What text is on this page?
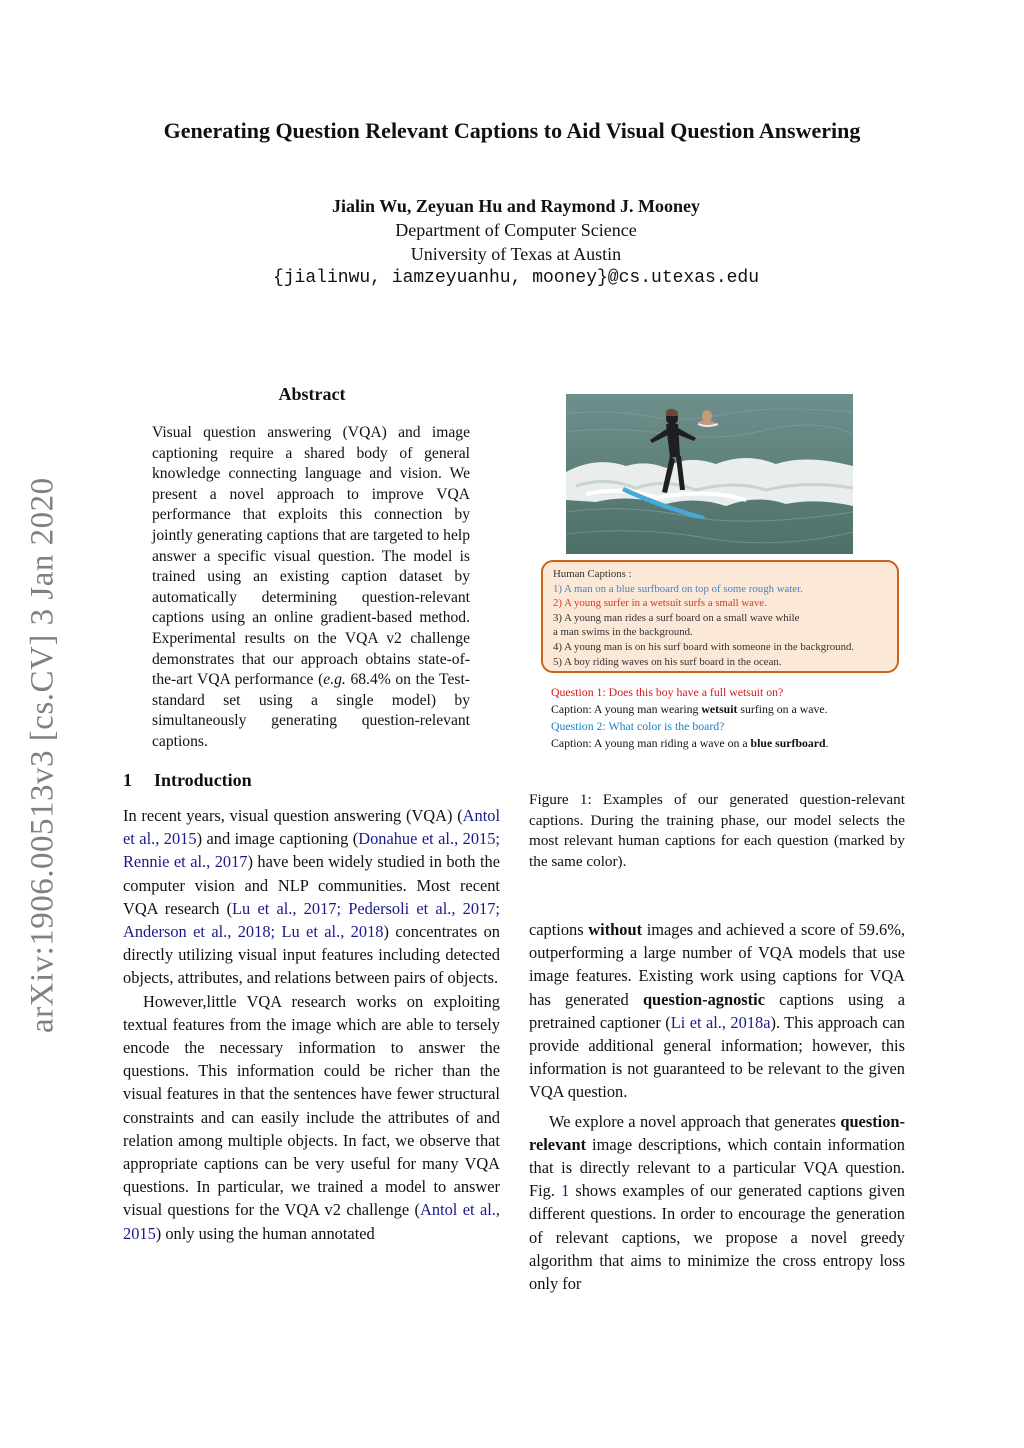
arXiv:1906.00513v3 [cs.CV] 3 Jan 2020
Generating Question Relevant Captions to Aid Visual Question Answering
Jialin Wu, Zeyuan Hu and Raymond J. Mooney
Department of Computer Science
University of Texas at Austin
{jialinwu, iamzeyuanhu, mooney}@cs.utexas.edu
Abstract
Visual question answering (VQA) and image captioning require a shared body of general knowledge connecting language and vision. We present a novel approach to improve VQA performance that exploits this connection by jointly generating captions that are targeted to help answer a specific visual question. The model is trained using an existing caption dataset by automatically determining question-relevant captions using an online gradient-based method. Experimental results on the VQA v2 challenge demonstrates that our approach obtains state-of-the-art VQA performance (e.g. 68.4% on the Test-standard set using a single model) by simultaneously generating question-relevant captions.
1 Introduction

In recent years, visual question answering (VQA) (Antol et al., 2015) and image captioning (Donahue et al., 2015; Rennie et al., 2017) have been widely studied in both the computer vision and NLP communities. Most recent VQA research (Lu et al., 2017; Pedersoli et al., 2017; Anderson et al., 2018; Lu et al., 2018) concentrates on directly utilizing visual input features including detected objects, attributes, and relations between pairs of objects.

However,little VQA research works on exploiting textual features from the image which are able to tersely encode the necessary information to answer the questions. This information could be richer than the visual features in that the sentences have fewer structural constraints and can easily include the attributes of and relation among multiple objects. In fact, we observe that appropriate captions can be very useful for many VQA questions. In particular, we trained a model to answer visual questions for the VQA v2 challenge (Antol et al., 2015) only using the human annotated

Human Captions :
1) A man on a blue surfboard on top of some rough water.
2) A young surfer in a wetsuit surfs a small wave.
3) A young man rides a surf board on a small wave while
a man swims in the background.
4) A young man is on his surf board with someone in the background.
5) A boy riding waves on his surf board in the ocean.
Question 1: Does this boy have a full wetsuit on?
Caption: A young man wearing wetsuit surfing on a wave.
Question 2: What color is the board?
Caption: A young man riding a wave on a blue surfboard.
Figure 1: Examples of our generated question-relevant captions. During the training phase, our model selects the most relevant human captions for each question (marked by the same color).

captions without images and achieved a score of 59.6%, outperforming a large number of VQA models that use image features. Existing work using captions for VQA has generated question-agnostic captions using a pretrained captioner (Li et al., 2018a). This approach can provide additional general information; however, this information is not guaranteed to be relevant to the given VQA question.

We explore a novel approach that generates question-relevant image descriptions, which contain information that is directly relevant to a particular VQA question. Fig. 1 shows examples of our generated captions given different questions. In order to encourage the generation of relevant captions, we propose a novel greedy algorithm that aims to minimize the cross entropy loss only for
